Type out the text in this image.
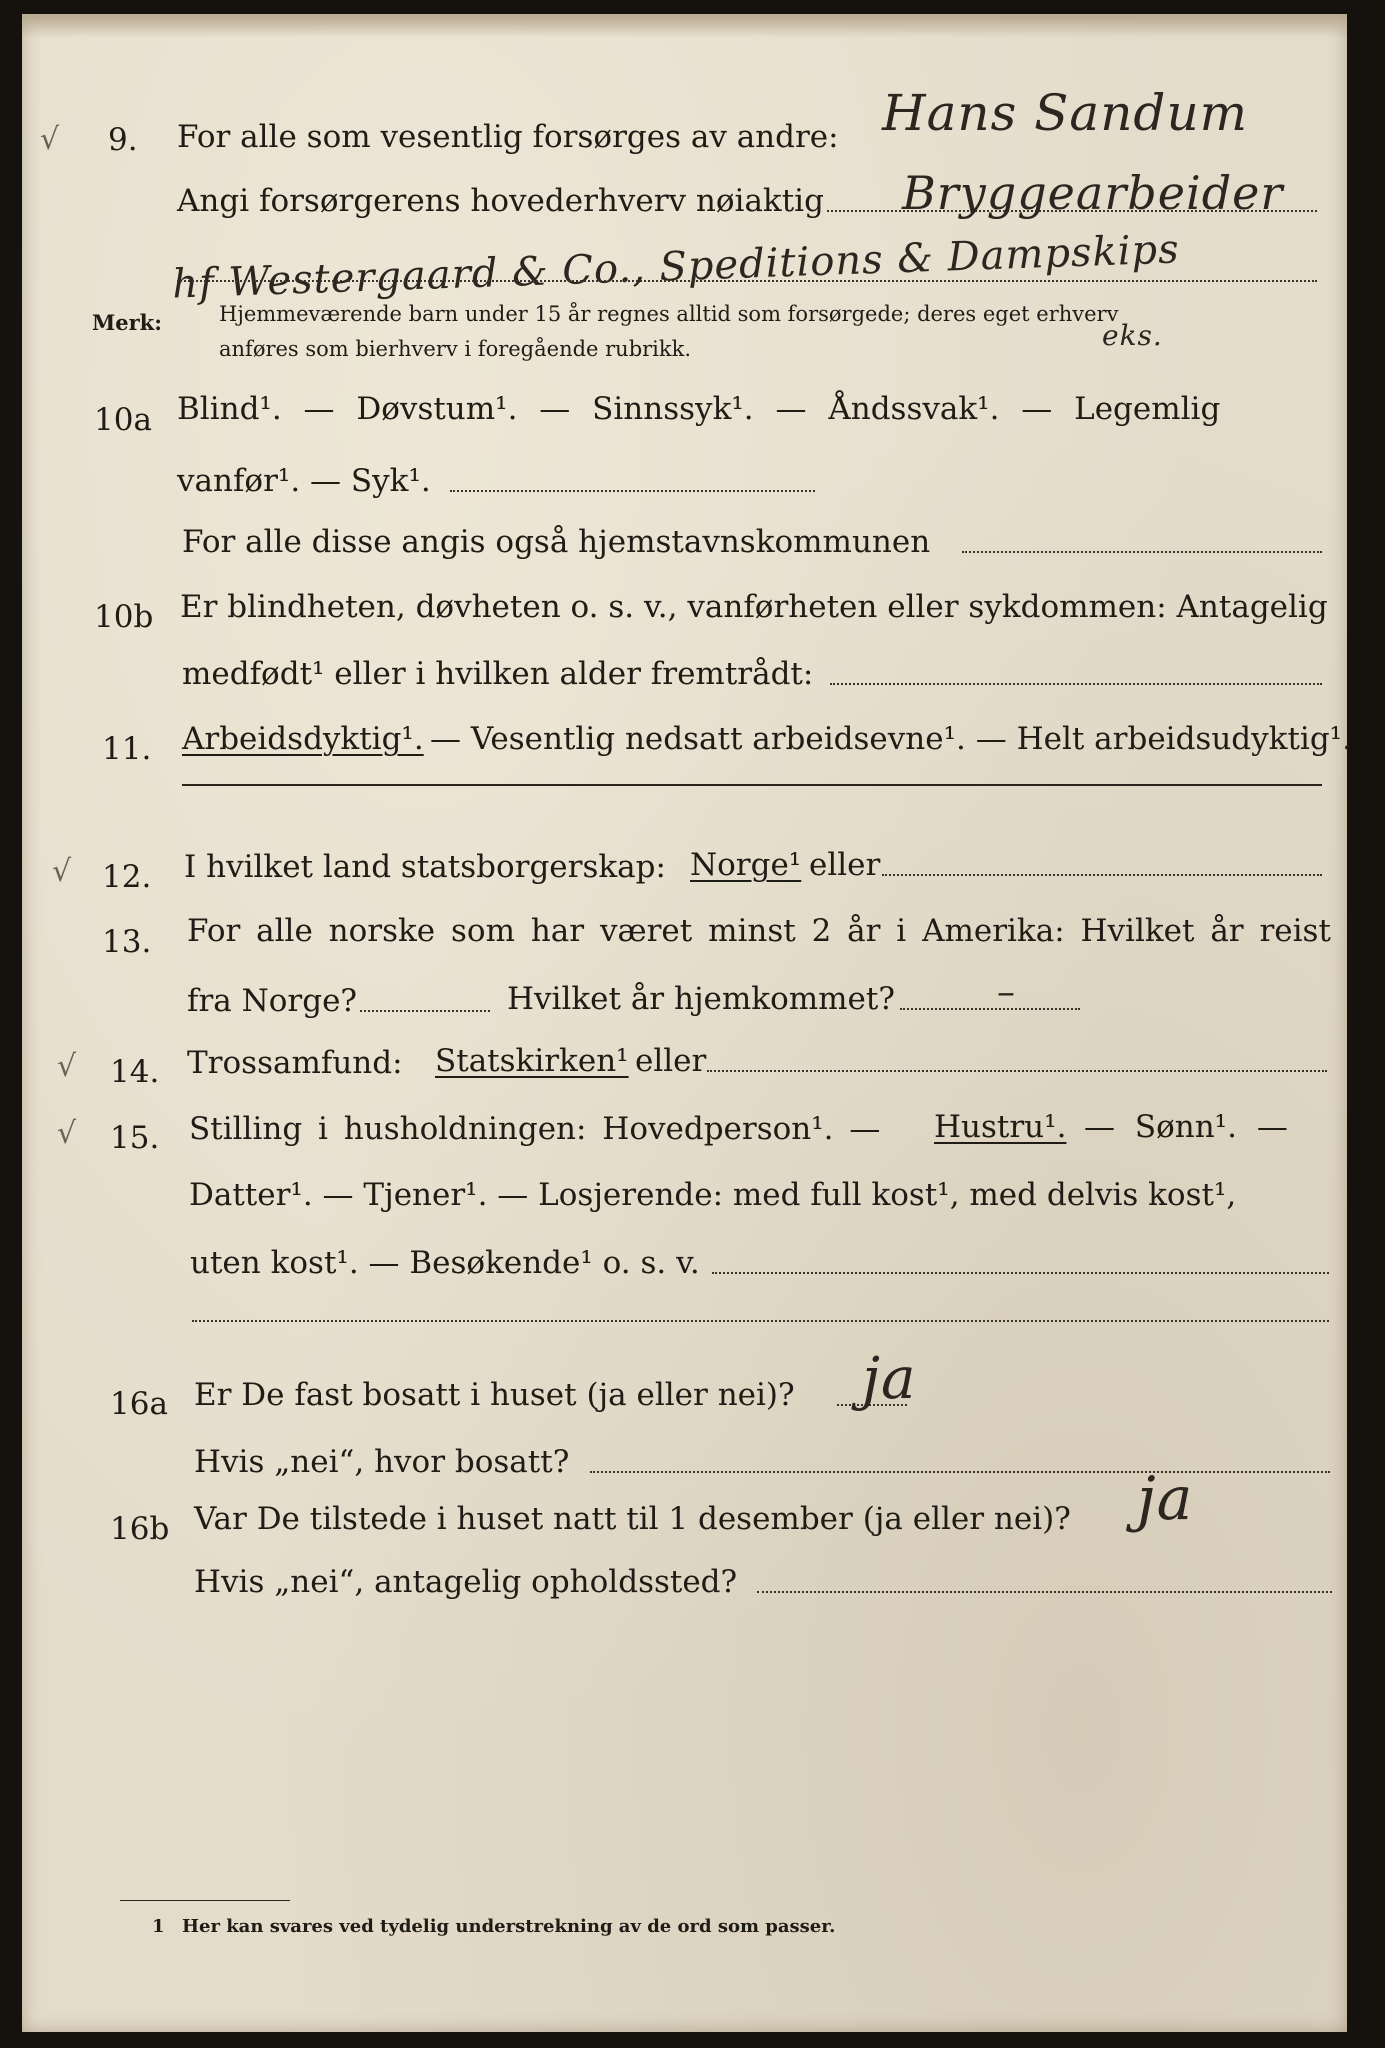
√ 9. For alle som vesentlig forsørges av andre: Hans Sandum
Angi forsørgerens hovederhverv nøiaktig Bryggearbeider
hf Westergaard & Co., Speditions & Dampskips
Merk:	Hjemmeværende barn under 15 år regnes alltid som forsørgede; deres eget erhverv
anføres som bierhverv i foregående rubrikk.	eks.
10a Blind¹. — Døvstum¹. — Sinnssyk¹. — Åndssvak¹. — Legemlig
vanfør¹. — Syk¹.
For alle disse angis også hjemstavnskommunen
10b Er blindheten, døvheten o. s. v., vanførheten eller sykdommen: Antagelig
medfødt¹ eller i hvilken alder fremtrådt:
11. Arbeidsdyktig¹. — Vesentlig nedsatt arbeidsevne¹. — Helt arbeidsudyktig¹.
√ 12. I hvilket land statsborgerskap: Norge¹ eller
13. For alle norske som har været minst 2 år i Amerika: Hvilket år reist
fra Norge?	Hvilket år hjemkommet?	–
√ 14. Trossamfund: Statskirken¹ eller
√ 15. Stilling i husholdningen: Hovedperson¹. — Hustru¹. — Sønn¹. —
Datter¹. — Tjener¹. — Losjerende: med full kost¹, med delvis kost¹,
uten kost¹. — Besøkende¹ o. s. v.
16a Er De fast bosatt i huset (ja eller nei)? ja
Hvis „nei“, hvor bosatt?
16b Var De tilstede i huset natt til 1 desember (ja eller nei)? ja
Hvis „nei“, antagelig opholdssted?
1 Her kan svares ved tydelig understrekning av de ord som passer.
